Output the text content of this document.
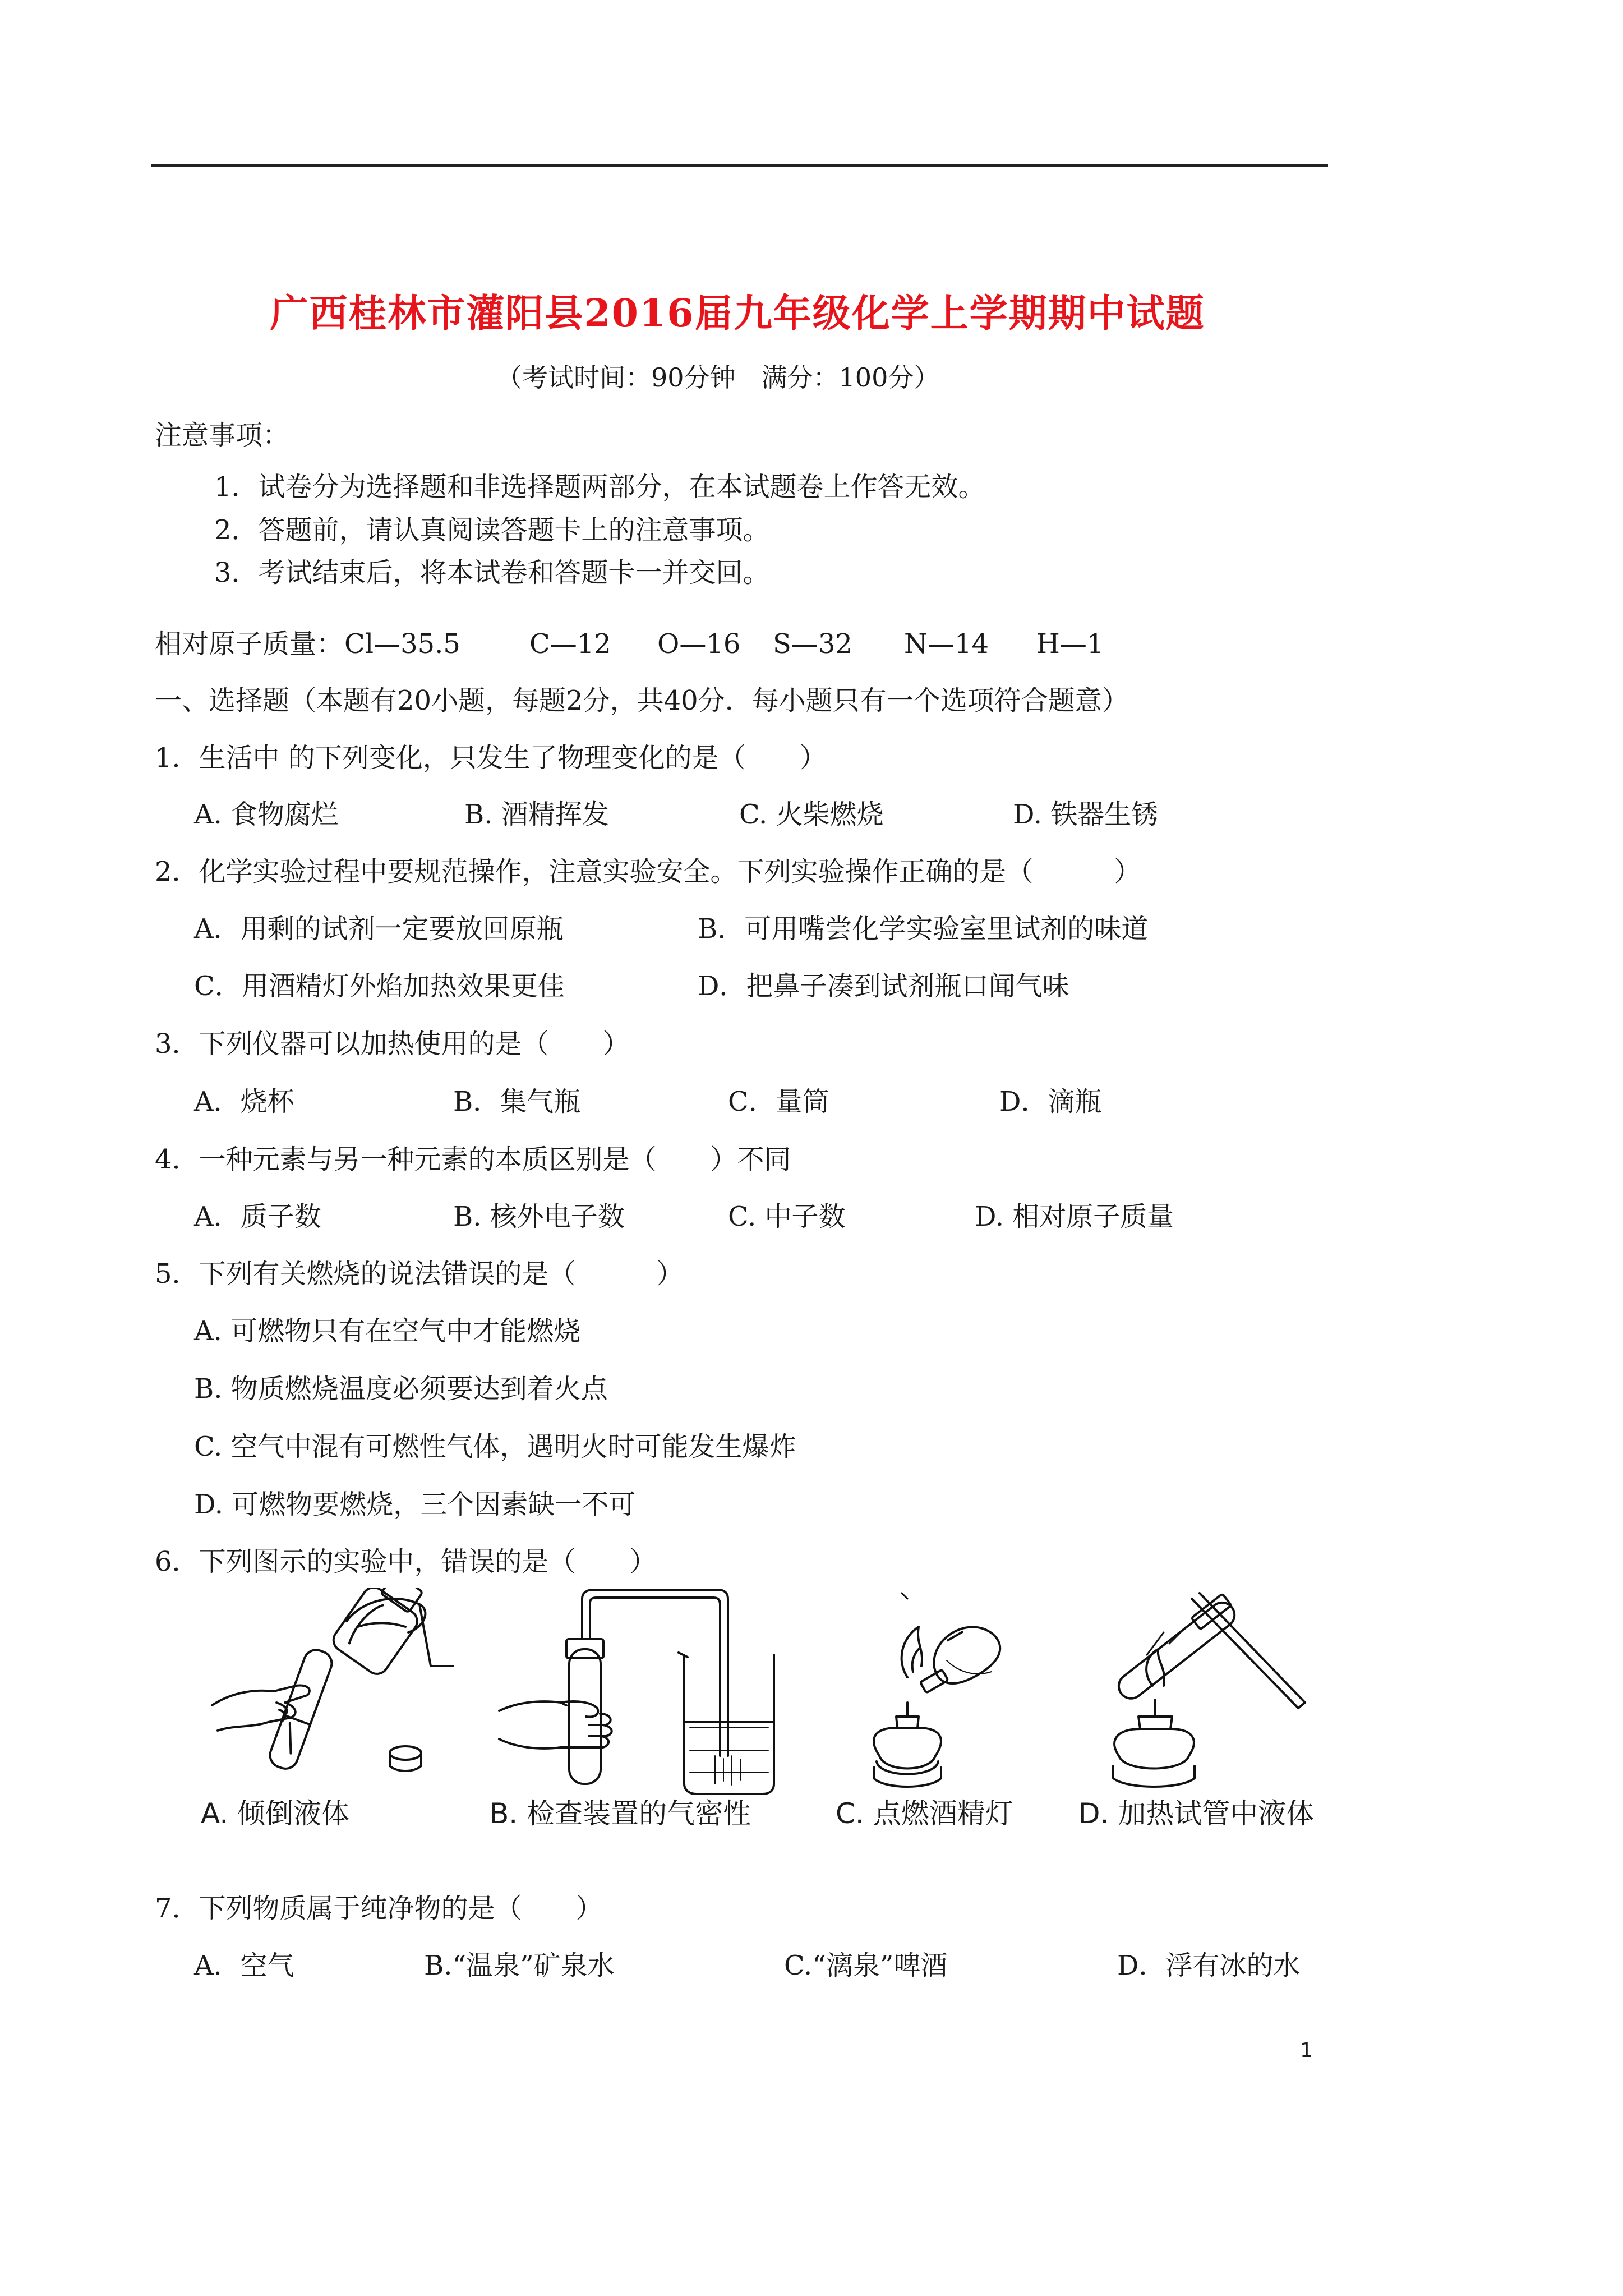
广西桂林市灌阳县2016届九年级化学上学期期中试题
（考试时间：90分钟　满分：100分）
注意事项：
1．试卷分为选择题和非选择题两部分，在本试题卷上作答无效。
2．答题前，请认真阅读答题卡上的注意事项。
3．考试结束后，将本试卷和答题卡一并交回。
相对原子质量： Cl—35.5	C—12 O—16 S—32 N—14 H—1
一、选择题（本题有20小题，每题2分，共40分．每小题只有一个选项符合题意）
1．生活中 的下列变化，只发生了物理变化的是（　　）
A. 食物腐烂	B. 酒精挥发	C. 火柴燃烧	D. 铁器生锈
2．化学实验过程中要规范操作，注意实验安全。下列实验操作正确的是（　　　）
A．用剩的试剂一定要放回原瓶	B．可用嘴尝化学实验室里试剂的味道
C．用酒精灯外焰加热效果更佳	D．把鼻子凑到试剂瓶口闻气味
3．下列仪器可以加热使用的是（　　）
A．烧杯	B．集气瓶	C．量筒	D．滴瓶
4．一种元素与另一种元素的本质区别是（　　）不同
A．质子数	B. 核外电子数	C. 中子数	D. 相对原子质量
5．下列有关燃烧的说法错误的是（　　　）
A. 可燃物只有在空气中才能燃烧
B. 物质燃烧温度必须要达到着火点
C. 空气中混有可燃性气体，遇明火时可能发生爆炸
D. 可燃物要燃烧，三个因素缺一不可
6．下列图示的实验中，错误的是（　　）
A. 倾倒液体	B. 检查装置的气密性	C. 点燃酒精灯 D. 加热试管中液体
7．下列物质属于纯净物的是（　　）
A．空气	B.“温泉”矿泉水	C.“漓泉”啤酒	D．浮有冰的水
1
